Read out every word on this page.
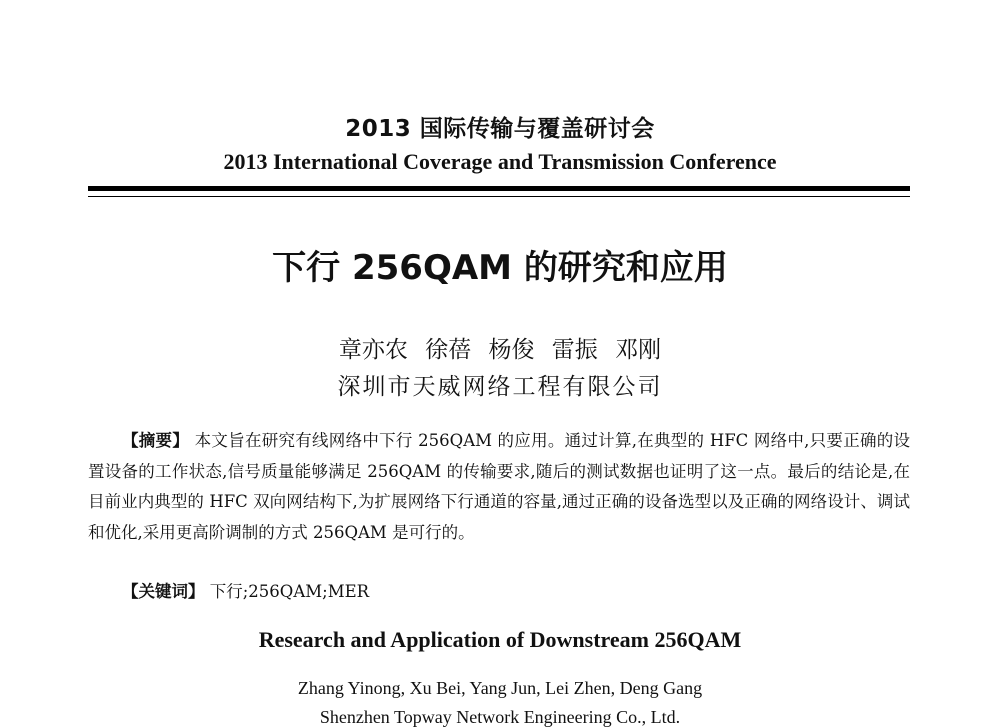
2013 国际传输与覆盖研讨会
2013 International Coverage and Transmission Conference
下行 256QAM 的研究和应用
章亦农 徐蓓 杨俊 雷振 邓刚
深圳市天威网络工程有限公司
【摘要】 本文旨在研究有线网络中下行 256QAM 的应用。通过计算,在典型的 HFC 网络中,只要正确的设置设备的工作状态,信号质量能够满足 256QAM 的传输要求,随后的测试数据也证明了这一点。最后的结论是,在目前业内典型的 HFC 双向网结构下,为扩展网络下行通道的容量,通过正确的设备选型以及正确的网络设计、调试和优化,采用更高阶调制的方式 256QAM 是可行的。
【关键词】 下行;256QAM;MER
Research and Application of Downstream 256QAM
Zhang Yinong, Xu Bei, Yang Jun, Lei Zhen, Deng Gang
Shenzhen Topway Network Engineering Co., Ltd.
